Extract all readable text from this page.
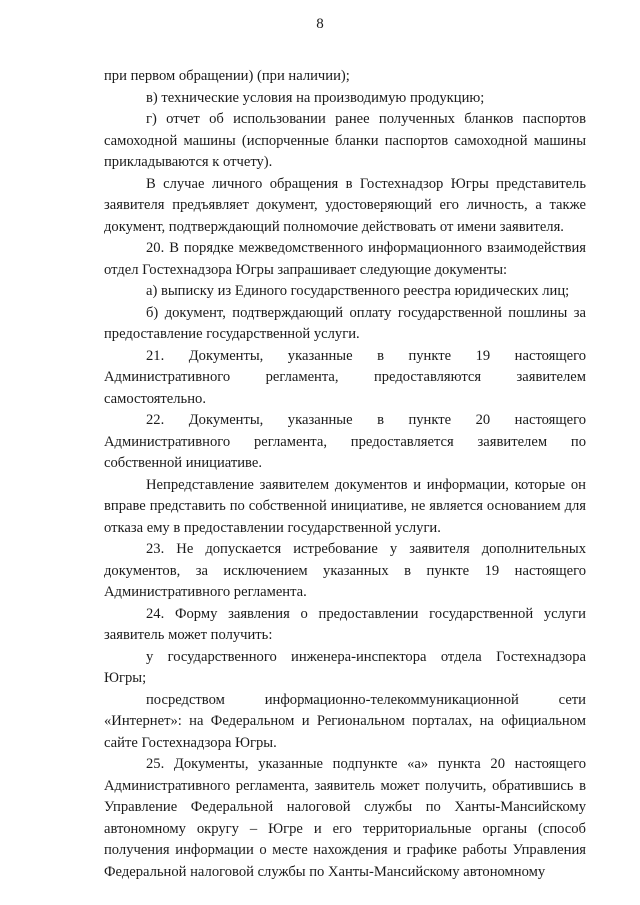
8

при первом обращении) (при наличии);

в) технические условия на производимую продукцию;

г) отчет об использовании ранее полученных бланков паспортов самоходной машины (испорченные бланки паспортов самоходной машины прикладываются к отчету).

В случае личного обращения в Гостехнадзор Югры представитель заявителя предъявляет документ, удостоверяющий его личность, а также документ, подтверждающий полномочие действовать от имени заявителя.

20. В порядке межведомственного информационного взаимодействия отдел Гостехнадзора Югры запрашивает следующие документы:

а) выписку из Единого государственного реестра юридических лиц;

б) документ, подтверждающий оплату государственной пошлины за предоставление государственной услуги.

21. Документы, указанные в пункте 19 настоящего Административного регламента, предоставляются заявителем самостоятельно.

22. Документы, указанные в пункте 20 настоящего Административного регламента, предоставляется заявителем по собственной инициативе.

Непредставление заявителем документов и информации, которые он вправе представить по собственной инициативе, не является основанием для отказа ему в предоставлении государственной услуги.

23. Не допускается истребование у заявителя дополнительных документов, за исключением указанных в пункте 19 настоящего Административного регламента.

24. Форму заявления о предоставлении государственной услуги заявитель может получить:

у государственного инженера-инспектора отдела Гостехнадзора Югры;

посредством информационно-телекоммуникационной сети «Интернет»: на Федеральном и Региональном порталах, на официальном сайте Гостехнадзора Югры.

25. Документы, указанные подпункте «а» пункта 20 настоящего Административного регламента, заявитель может получить, обратившись в Управление Федеральной налоговой службы по Ханты-Мансийскому автономному округу – Югре и его территориальные органы (способ получения информации о месте нахождения и графике работы Управления Федеральной налоговой службы по Ханты-Мансийскому автономному
